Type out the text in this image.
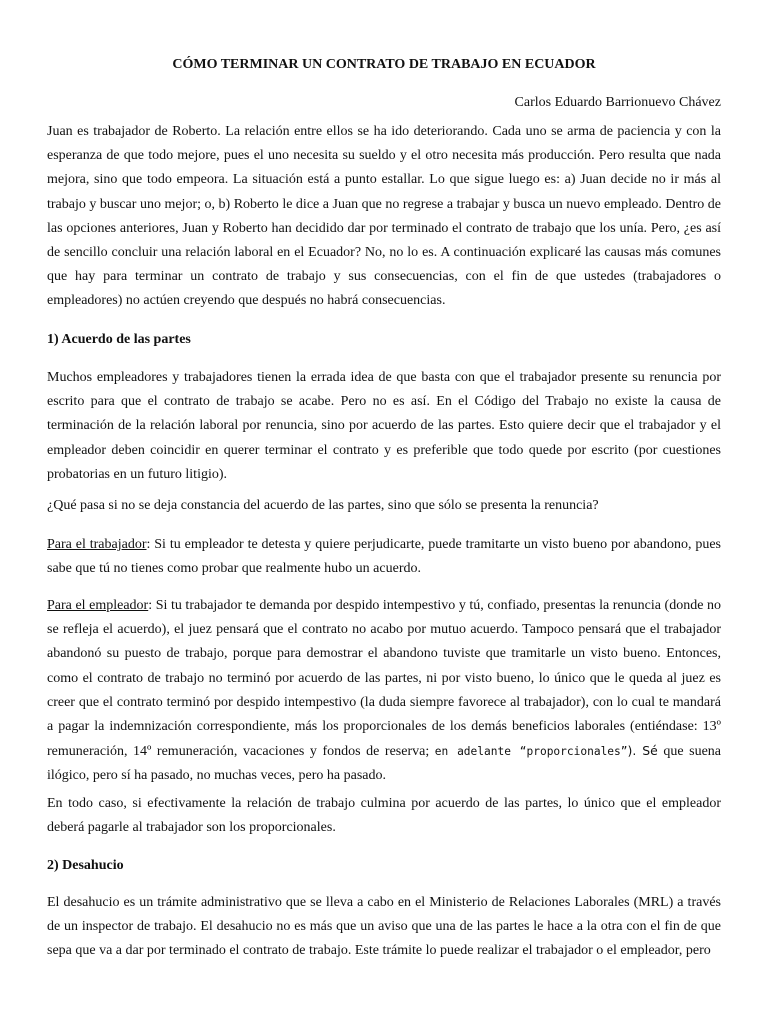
CÓMO TERMINAR UN CONTRATO DE TRABAJO EN ECUADOR
Carlos Eduardo Barrionuevo Chávez

Juan es trabajador de Roberto. La relación entre ellos se ha ido deteriorando. Cada uno se arma de paciencia y con la esperanza de que todo mejore, pues el uno necesita su sueldo y el otro necesita más producción. Pero resulta que nada mejora, sino que todo empeora. La situación está a punto estallar. Lo que sigue luego es: a) Juan decide no ir más al trabajo y buscar uno mejor; o, b) Roberto le dice a Juan que no regrese a trabajar y busca un nuevo empleado. Dentro de las opciones anteriores, Juan y Roberto han decidido dar por terminado el contrato de trabajo que los unía. Pero, ¿es así de sencillo concluir una relación laboral en el Ecuador? No, no lo es. A continuación explicaré las causas más comunes que hay para terminar un contrato de trabajo y sus consecuencias, con el fin de que ustedes (trabajadores o empleadores) no actúen creyendo que después no habrá consecuencias.

1) Acuerdo de las partes

Muchos empleadores y trabajadores tienen la errada idea de que basta con que el trabajador presente su renuncia por escrito para que el contrato de trabajo se acabe. Pero no es así. En el Código del Trabajo no existe la causa de terminación de la relación laboral por renuncia, sino por acuerdo de las partes. Esto quiere decir que el trabajador y el empleador deben coincidir en querer terminar el contrato y es preferible que todo quede por escrito (por cuestiones probatorias en un futuro litigio).

¿Qué pasa si no se deja constancia del acuerdo de las partes, sino que sólo se presenta la renuncia?

Para el trabajador: Si tu empleador te detesta y quiere perjudicarte, puede tramitarte un visto bueno por abandono, pues sabe que tú no tienes como probar que realmente hubo un acuerdo.

Para el empleador: Si tu trabajador te demanda por despido intempestivo y tú, confiado, presentas la renuncia (donde no se refleja el acuerdo), el juez pensará que el contrato no acabo por mutuo acuerdo. Tampoco pensará que el trabajador abandonó su puesto de trabajo, porque para demostrar el abandono tuviste que tramitarle un visto bueno. Entonces, como el contrato de trabajo no terminó por acuerdo de las partes, ni por visto bueno, lo único que le queda al juez es creer que el contrato terminó por despido intempestivo (la duda siempre favorece al trabajador), con lo cual te mandará a pagar la indemnización correspondiente, más los proporcionales de los demás beneficios laborales (entiéndase: 13º remuneración, 14º remuneración, vacaciones y fondos de reserva; en adelante “proporcionales”). Sé que suena ilógico, pero sí ha pasado, no muchas veces, pero ha pasado.

En todo caso, si efectivamente la relación de trabajo culmina por acuerdo de las partes, lo único que el empleador deberá pagarle al trabajador son los proporcionales.

2) Desahucio

El desahucio es un trámite administrativo que se lleva a cabo en el Ministerio de Relaciones Laborales (MRL) a través de un inspector de trabajo. El desahucio no es más que un aviso que una de las partes le hace a la otra con el fin de que sepa que va a dar por terminado el contrato de trabajo. Este trámite lo puede realizar el trabajador o el empleador, pero
